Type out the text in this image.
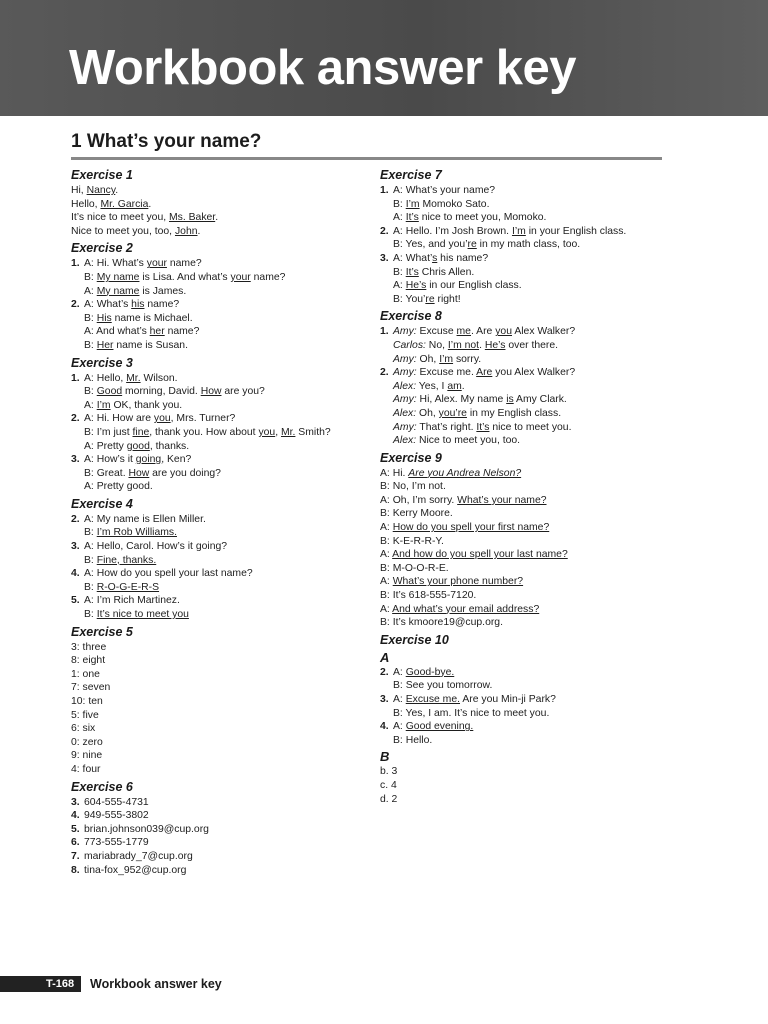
Workbook answer key
1 What’s your name?
Exercise 1
Hi, Nancy.
Hello, Mr. Garcia.
It’s nice to meet you, Ms. Baker.
Nice to meet you, too, John.
Exercise 2
1. A: Hi. What’s your name?
B: My name is Lisa. And what’s your name?
A: My name is James.
2. A: What’s his name?
B: His name is Michael.
A: And what’s her name?
B: Her name is Susan.
Exercise 3
1. A: Hello, Mr. Wilson.
B: Good morning, David. How are you?
A: I’m OK, thank you.
2. A: Hi. How are you, Mrs. Turner?
B: I’m just fine, thank you. How about you, Mr. Smith?
A: Pretty good, thanks.
3. A: How’s it going, Ken?
B: Great. How are you doing?
A: Pretty good.
Exercise 4
2. A: My name is Ellen Miller.
B: I’m Rob Williams.
3. A: Hello, Carol. How’s it going?
B: Fine, thanks.
4. A: How do you spell your last name?
B: R-O-G-E-R-S
5. A: I’m Rich Martinez.
B: It’s nice to meet you
Exercise 5
3: three
8: eight
1: one
7: seven
10: ten
5: five
6: six
0: zero
9: nine
4: four
Exercise 6
3. 604-555-4731
4. 949-555-3802
5. brian.johnson039@cup.org
6. 773-555-1779
7. mariabrady_7@cup.org
8. tina-fox_952@cup.org
Exercise 7
1. A: What’s your name?
B: I’m Momoko Sato.
A: It’s nice to meet you, Momoko.
2. A: Hello. I’m Josh Brown. I’m in your English class.
B: Yes, and you’re in my math class, too.
3. A: What’s his name?
B: It’s Chris Allen.
A: He’s in our English class.
B: You’re right!
Exercise 8
1. Amy: Excuse me. Are you Alex Walker?
Carlos: No, I’m not. He’s over there.
Amy: Oh, I’m sorry.
2. Amy: Excuse me. Are you Alex Walker?
Alex: Yes, I am.
Amy: Hi, Alex. My name is Amy Clark.
Alex: Oh, you’re in my English class.
Amy: That’s right. It’s nice to meet you.
Alex: Nice to meet you, too.
Exercise 9
A: Hi. Are you Andrea Nelson?
B: No, I’m not.
A: Oh, I’m sorry. What’s your name?
B: Kerry Moore.
A: How do you spell your first name?
B: K-E-R-R-Y.
A: And how do you spell your last name?
B: M-O-O-R-E.
A: What’s your phone number?
B: It’s 618-555-7120.
A: And what’s your email address?
B: It’s kmoore19@cup.org.
Exercise 10
A
2. A: Good-bye.
B: See you tomorrow.
3. A: Excuse me. Are you Min-ji Park?
B: Yes, I am. It’s nice to meet you.
4. A: Good evening.
B: Hello.
B
b. 3
c. 4
d. 2
T-168 Workbook answer key
